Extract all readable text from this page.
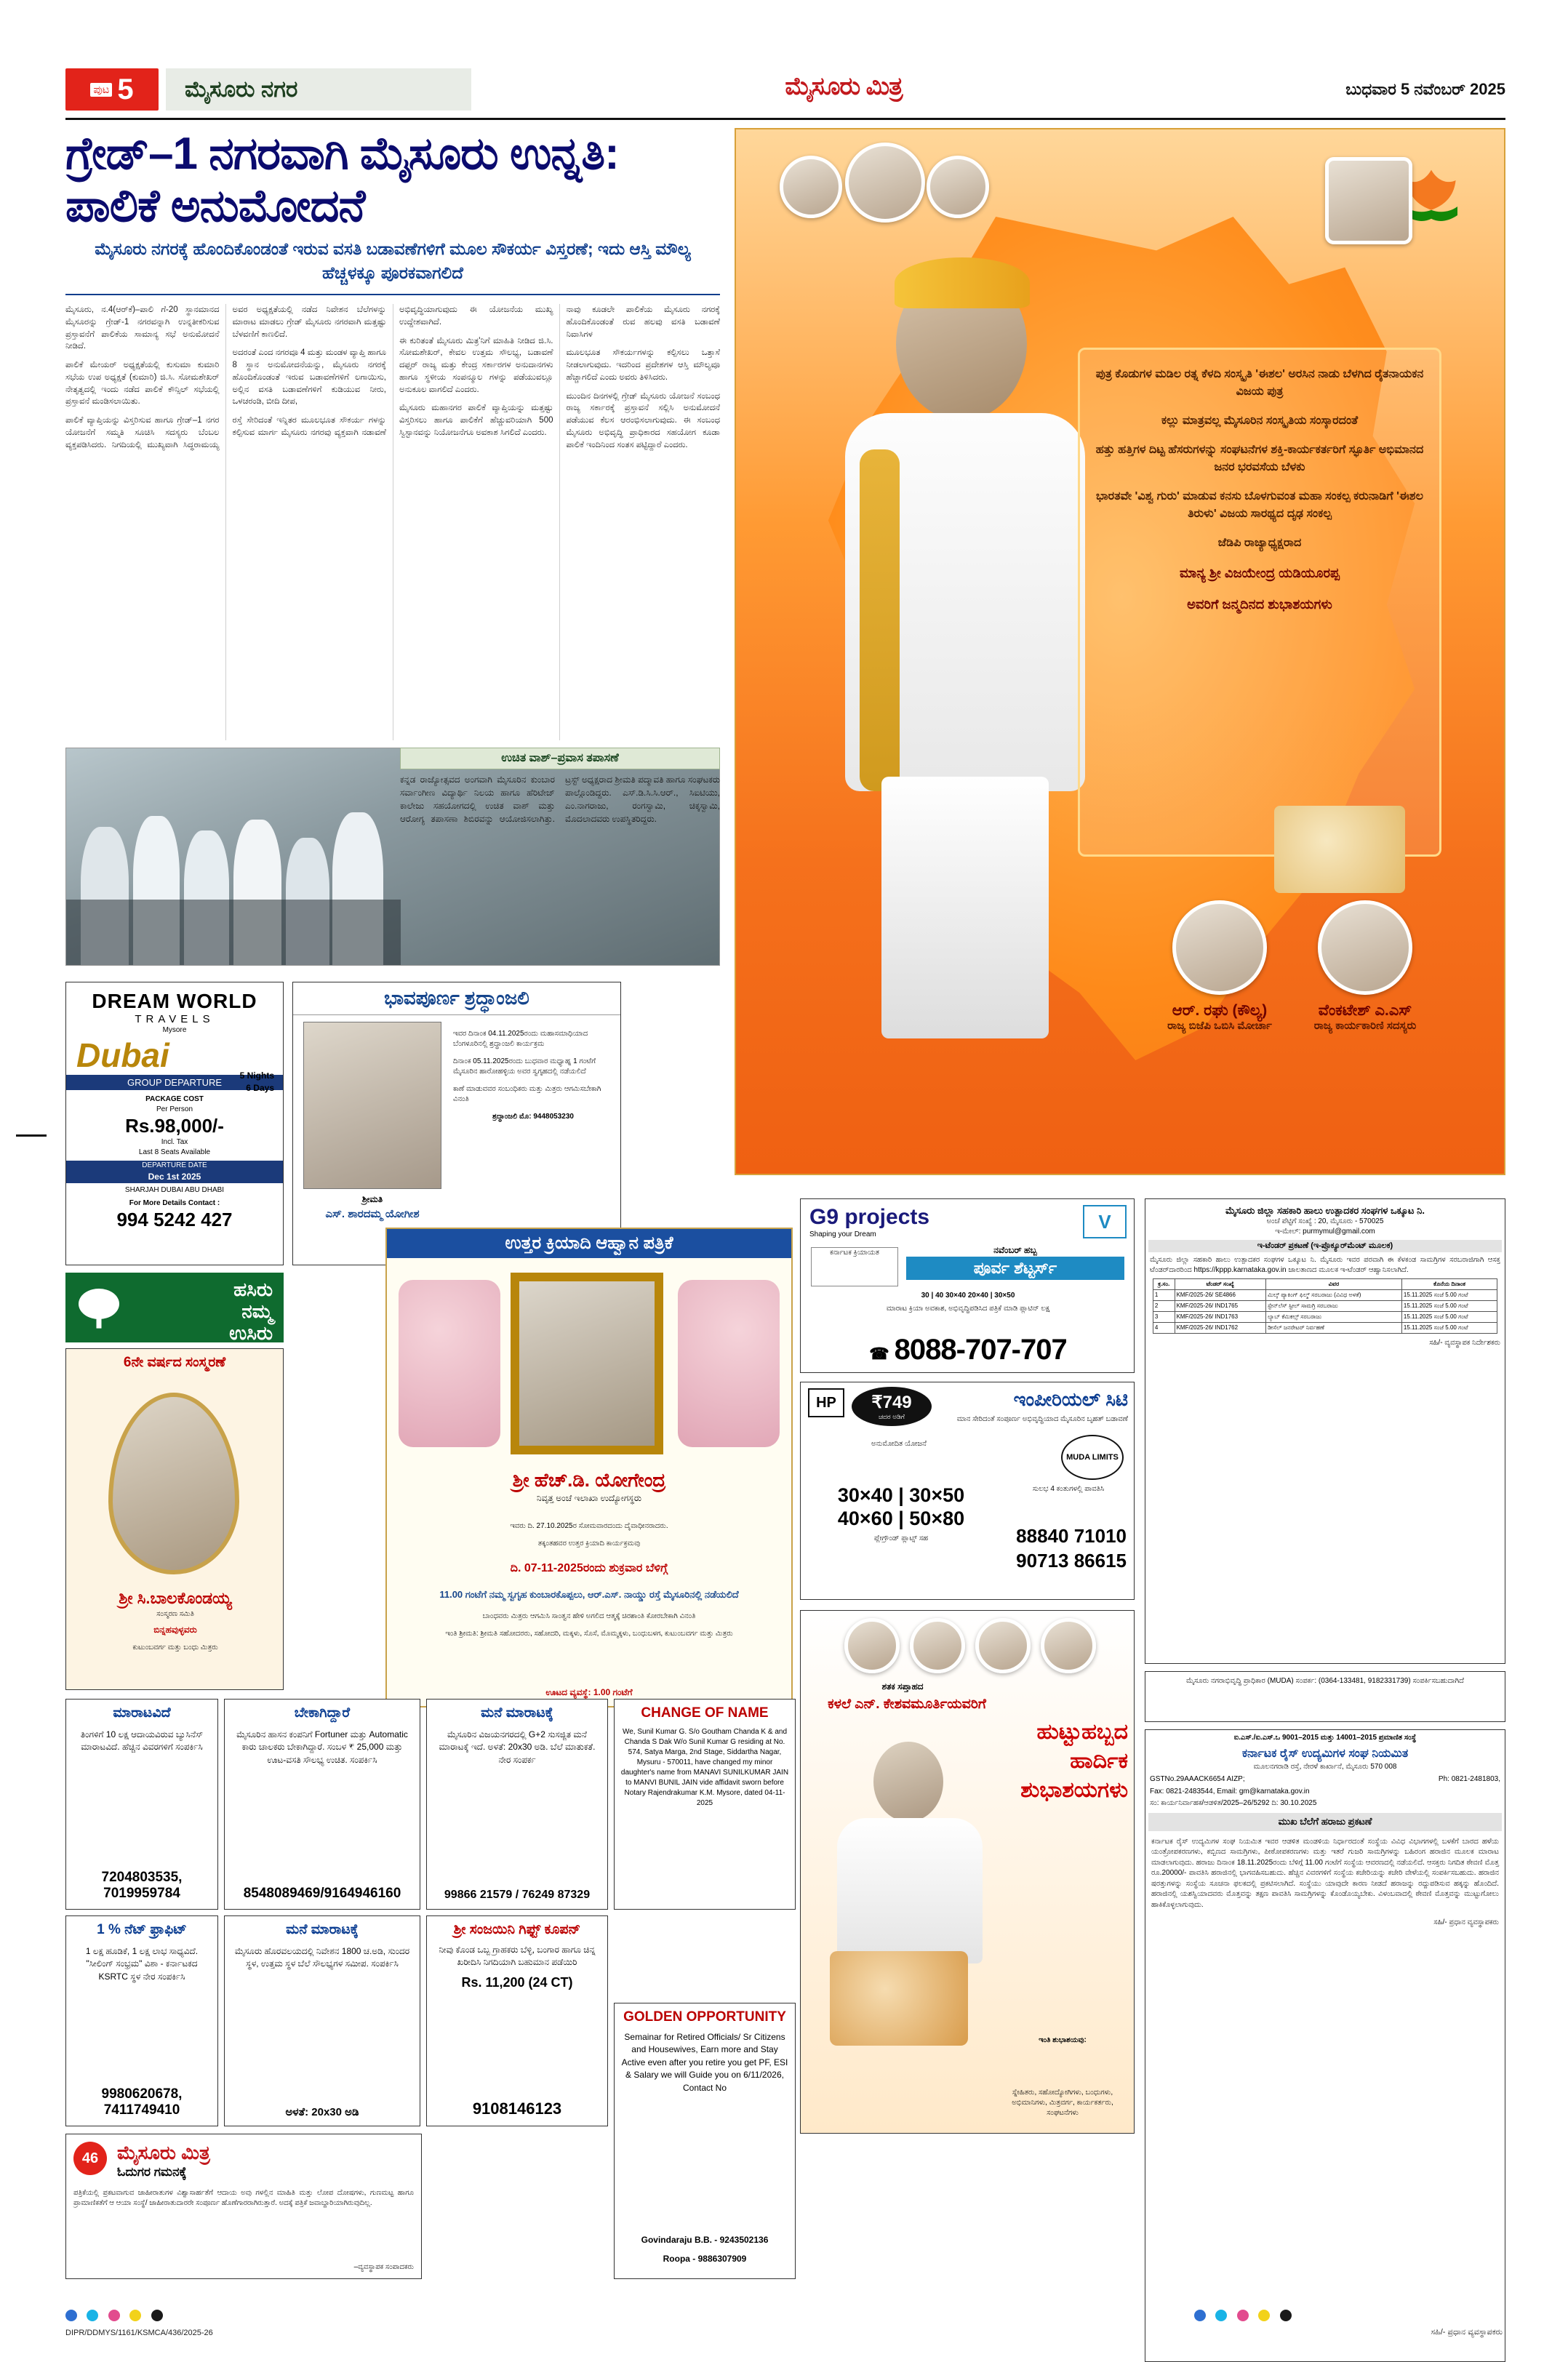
ಪುಟ 5	ಮೈಸೂರು ನಗರ	ಮೈಸೂರು ಮಿತ್ರ	ಬುಧವಾರ 5 ನವೆಂಬರ್ 2025
ಗ್ರೇಡ್–1 ನಗರವಾಗಿ ಮೈಸೂರು ಉನ್ನತಿ: ಪಾಲಿಕೆ ಅನುಮೋದನೆ
ಮೈಸೂರು ನಗರಕ್ಕೆ ಹೊಂದಿಕೊಂಡಂತೆ ಇರುವ ವಸತಿ ಬಡಾವಣೆಗಳಿಗೆ ಮೂಲ ಸೌಕರ್ಯ ವಿಸ್ತರಣೆ; ಇದು ಆಸ್ತಿ ಮೌಲ್ಯ ಹೆಚ್ಚಳಕ್ಕೂ ಪೂರಕವಾಗಲಿದೆ

ಮೈಸೂರು, ನ.4(ಆರ್‌ಕೆ)–ಪಾಲಿ ಗೆ-20 ಸ್ಥಾನಮಾನದ ಮೈಸೂರನ್ನು ಗ್ರೇಡ್-1 ನಗರವನ್ನಾಗಿ ಉನ್ನತೀಕರಿಸುವ ಪ್ರಸ್ತಾವನೆಗೆ ಪಾಲಿಕೆಯ ಸಾಮಾನ್ಯ ಸಭೆ ಅನುಮೋದನೆ ನೀಡಿದೆ.

ಪಾಲಿಕೆ ಮೇಯರ್ ಅಧ್ಯಕ್ಷತೆಯಲ್ಲಿ ಕುಸುಮಾ ಕುಮಾರಿ ಸಭೆಯ ಉಪ ಅಧ್ಯಕ್ಷತೆ (ಕುಮಾರಿ) ಜಿ.ಸಿ. ಸೋಮಶೇಖರ್ ನೇತೃತ್ವದಲ್ಲಿ ಇಂದು ನಡೆದ ಪಾಲಿಕೆ ಕೌನ್ಸಿಲ್ ಸಭೆಯಲ್ಲಿ ಪ್ರಸ್ತಾವನೆ ಮಂಡಿಸಲಾಯಿತು.

ಪಾಲಿಕೆ ವ್ಯಾಪ್ತಿಯನ್ನು ವಿಸ್ತರಿಸುವ ಹಾಗೂ ಗ್ರೇಡ್–1 ನಗರ ಯೋಜನೆಗೆ ಸಮ್ಮತಿ ಸೂಚಿಸಿ ಸದಸ್ಯರು ಬೆಂಬಲ ವ್ಯಕ್ತಪಡಿಸಿದರು. ನಿಗದಿಯಲ್ಲಿ ಮುಖ್ಯವಾಗಿ ಸಿದ್ಧರಾಮಯ್ಯ ಅವರ ಅಧ್ಯಕ್ಷತೆಯಲ್ಲಿ ನಡೆದ ನಿವೇಶನ ಬೆಲೆಗಳನ್ನು ಮಾರಾಟ ಮಾಡಲು ಗ್ರೇಡ್ ಮೈಸೂರು ನಗರವಾಗಿ ಮತ್ತಷ್ಟು ಬೆಳವಣಿಗೆ ಕಾಣಲಿದೆ.

ಅದರಂತೆ ಎಂದ ನಗರವೂ 4 ಮತ್ತು ಮಂಡಳ ವ್ಯಾಪ್ತಿ ಹಾಗೂ 8 ಸ್ಥಾನ ಅನುಮೋದನೆಯನ್ನು, ಮೈಸೂರು ನಗರಕ್ಕೆ ಹೊಂದಿಕೊಂಡಂತೆ ಇರುವ ಬಡಾವಣೆಗಳಿಗೆ ಲಗಾಯಿಸು, ಅಲ್ಲಿನ ವಸತಿ ಬಡಾವಣೆಗಳಿಗೆ ಕುಡಿಯುವ ನೀರು, ಒಳಚರಂಡಿ, ಬೀದಿ ದೀಪ,

ರಸ್ತೆ ಸೇರಿದಂತೆ ಇನ್ನಿತರ ಮೂಲಭೂತ ಸೌಕರ್ಯ ಗಳನ್ನು ಕಲ್ಪಿಸುವ ಮಾರ್ಗ ಮೈಸೂರು ನಗರವು ವ್ಯಕ್ತವಾಗಿ ನಡಾವಣೆ ಅಭಿವೃದ್ಧಿಯಾಗುವುದು ಈ ಯೋಜನೆಯ ಮುಖ್ಯ ಉದ್ದೇಶವಾಗಿದೆ.

ಈ ಕುರಿತಂತೆ ಮೈಸೂರು ಮಿತ್ರ'ನಿಗೆ ಮಾಹಿತಿ ನೀಡಿದ ಜಿ.ಸಿ. ಸೋಮಶೇಖರ್, ಕೇವಲ ಉತ್ತಮ ಸೌಲಭ್ಯ, ಬಡಾವಣೆ ದಫ್ತರ್ ರಾಜ್ಯ ಮತ್ತು ಕೇಂದ್ರ ಸರ್ಕಾರಗಳ ಅನುದಾನಗಳು ಹಾಗೂ ಸ್ಥಳೀಯ ಸಂಪನ್ಮೂಲ ಗಳನ್ನು ಪಡೆಯುವಲ್ಲೂ ಅನುಕೂಲ ವಾಗಲಿದೆ ಎಂದರು.

ಮೈಸೂರು ಮಹಾನಗರ ಪಾಲಿಕೆ ವ್ಯಾಪ್ತಿಯನ್ನು ಮತ್ತಷ್ಟು ವಿಸ್ತರಿಸಲು ಹಾಗೂ ಪಾಲಿಕೆಗೆ ಹೆಚ್ಚುವರಿಯಾಗಿ 500 ಸ್ವಿಸ್ಟಾನವನ್ನು ನಿಯೋಜನೆಗೂ ಅವಕಾಶ ಸಿಗಲಿದೆ ಎಂದರು.

ನಾವು ಕೂಡಲೇ ಪಾಲಿಕೆಯ ಮೈಸೂರು ನಗರಕ್ಕೆ ಹೊಂದಿಕೊಂಡಂತೆ ರುವ ಹಲವು ವಸತಿ ಬಡಾವಣೆ ನಿವಾಸಿಗಳ

ಮೂಲಭೂತ ಸೌಕರ್ಯಗಳನ್ನು ಕಲ್ಪಿಸಲು ಒತ್ತಾಸೆ ನೀಡಲಾಗುವುದು. ಇದರಿಂದ ಪ್ರದೇಶಗಳ ಆಸ್ತಿ ಮೌಲ್ಯವೂ ಹೆಚ್ಚಾಗಲಿದೆ ಎಂದು ಅವರು ತಿಳಿಸಿದರು.

ಮುಂದಿನ ದಿನಗಳಲ್ಲಿ ಗ್ರೇಡ್ ಮೈಸೂರು ಯೋಜನೆ ಸಂಬಂಧ ರಾಜ್ಯ ಸರ್ಕಾರಕ್ಕೆ ಪ್ರಸ್ತಾವನೆ ಸಲ್ಲಿಸಿ ಅನುಮೋದನೆ ಪಡೆಯುವ ಕೆಲಸ ಆರಂಭಿಸಲಾಗುವುದು. ಈ ಸಂಬಂಧ ಮೈಸೂರು ಅಭಿವೃದ್ಧಿ ಪ್ರಾಧಿಕಾರದ ಸಹಯೋಗ ಕೂಡಾ ಪಾಲಿಕೆ ಇಂದಿನಿಂದ ಸಂತಸ ಪಟ್ಟಿದ್ದಾರೆ ಎಂದರು.

ಉಚಿತ ವಾಶ್–ಪ್ರವಾಸ ತಪಾಸಣೆ
ಕನ್ನಡ ರಾಜ್ಯೋತ್ಸವದ ಅಂಗವಾಗಿ ಮೈಸೂರಿನ ಕುಂಬಾರ ಸರ್ವಾಂಗೀಣ ವಿದ್ಯಾರ್ಥಿ ನಿಲಯ ಹಾಗೂ ಹೆರಿಟೇಜ್ ಕಾಲೇಜು ಸಹಯೋಗದಲ್ಲಿ ಉಚಿತ ವಾಶ್ ಮತ್ತು ಆರೋಗ್ಯ ತಪಾಸಣಾ ಶಿಬಿರವನ್ನು ಆಯೋಜಿಸಲಾಗಿತ್ತು. ಟ್ರಸ್ಟ್ ಅಧ್ಯಕ್ಷರಾದ ಶ್ರೀಮತಿ ಪದ್ಮಾವತಿ ಹಾಗೂ ಸಂಘಟಕರು ಪಾಲ್ಗೊಂಡಿದ್ದರು. ಎಸ್.ಡಿ.ಸಿ.ಸಿ.ಆರ್., ಸಿಐಟಿಯು, ಎಂ.ನಾಗರಾಜು, ರಂಗಸ್ವಾಮಿ, ಚಿಕ್ಕಸ್ವಾಮಿ, ಮೊದಲಾದವರು ಉಪಸ್ಥಿತರಿದ್ದರು.

ಪುತ್ರ ಕೊಡುಗಳ ಮಡಿಲ ರತ್ನ ಕೆಳದಿ ಸಂಸ್ಕೃತಿ 'ಈಶಲ' ಅರಸಿನ ನಾಡು ಬೆಳಗಿದ ರೈತನಾಯಕನ ವಿಜಯ ಪುತ್ರ

ಕಲ್ಲು ಮಾತ್ರವಲ್ಲ ಮೈಸೂರಿನ ಸಂಸ್ಕೃತಿಯ ಸಂಸ್ಕಾರದಂತೆ

ಹತ್ತು ಹತ್ತಿಗಳ ದಿಟ್ಟ ಹೆಸರುಗಳನ್ನು ಸಂಘಟನೆಗಳ ಶಕ್ತಿ-ಕಾರ್ಯಕರ್ತರಿಗೆ ಸ್ಫೂರ್ತಿ ಅಭಿಮಾನದ ಜನರ ಭರವಸೆಯ ಬೆಳಕು

ಭಾರತವೇ 'ವಿಶ್ವ ಗುರು' ಮಾಡುವ ಕನಸು ಬೊಳಗುವಂತ ಮಹಾ ಸಂಕಲ್ಪ ಕರುನಾಡಿಗೆ 'ಈಶಲ ತಿರುಳು' ವಿಜಯ ಸಾರಥ್ಯದ ದೃಢ ಸಂಕಲ್ಪ

ಜೆಡಿಪಿ ರಾಜ್ಯಾಧ್ಯಕ್ಷರಾದ

ಮಾನ್ಯ ಶ್ರೀ ವಿಜಯೇಂದ್ರ ಯಡಿಯೂರಪ್ಪ

ಅವರಿಗೆ ಜನ್ಮದಿನದ ಶುಭಾಶಯಗಳು

ಆರ್. ರಘು (ಕೌಲ್ಯ)
ರಾಜ್ಯ ಬಿಜೆಪಿ ಒಬಿಸಿ ಮೋರ್ಚಾ
ವೆಂಕಟೇಶ್ ಎ.ಎಸ್
ರಾಜ್ಯ ಕಾರ್ಯಕಾರಿಣಿ ಸದಸ್ಯರು
DREAM WORLD
TRAVELS
Mysore
Dubai
5 Nights
6 Days
GROUP DEPARTURE
PACKAGE COST
Per Person
Rs.98,000/-
Incl. Tax
Last 8 Seats Available
DEPARTURE DATE
Dec 1st 2025
SHARJAH DUBAI ABU DHABI
For More Details Contact :
994 5242 427
ಭಾವಪೂರ್ಣ ಶ್ರದ್ಧಾಂಜಲಿ
ಶ್ರೀಮತಿ
ಎಸ್. ಶಾರದಮ್ಮ ಯೋಗೀಶ

ಇವರ ದಿನಾಂಕ 04.11.2025ರಂದು ಮಹಾಸಮಾಧಿಯಾದ ಬೆಂಗಳೂರಿನಲ್ಲಿ ಶ್ರದ್ಧಾಂಜಲಿ ಕಾರ್ಯಕ್ರಮ

ದಿನಾಂಕ 05.11.2025ರಂದು ಬುಧವಾರ ಮಧ್ಯಾಹ್ನ 1 ಗಂಟೆಗೆ ಮೈಸೂರಿನ ಹಾರೋಹಳ್ಳಿಯ ಅವರ ಸ್ವಗೃಹದಲ್ಲಿ ನಡೆಯಲಿದೆ

ಕಾಣೆ ಮಾಡುವವರ ಸಂಬಂಧಿಕರು ಮತ್ತು ಮಿತ್ರರು ಆಗಮಿಸಬೇಕಾಗಿ ವಿನಂತಿ

ಶ್ರದ್ಧಾಂಜಲಿ ಮೊ: 9448053230

ಹಸಿರು
ನಮ್ಮ
ಉಸಿರು
6ನೇ ವರ್ಷದ ಸಂಸ್ಮರಣೆ
ಶ್ರೀ ಸಿ.ಬಾಲಕೊಂಡಯ್ಯ
ಸಂಸ್ಮರಣ ಸಮಿತಿ
ಬಿನ್ನಹವುಳ್ಳವರು
ಕುಟುಂಬವರ್ಗ ಮತ್ತು ಬಂಧು ಮಿತ್ರರು
ಉತ್ತರ ಕ್ರಿಯಾದಿ ಆಹ್ವಾನ ಪತ್ರಿಕೆ
ಶ್ರೀ ಹೆಚ್.ಡಿ. ಯೋಗೇಂದ್ರ
ನಿವೃತ್ತ ಅಂಚೆ ಇಲಾಖಾ ಉದ್ಯೋಗಸ್ಥರು

ಇವರು ದಿ. 27.10.2025ರ ಸೋಮವಾರದಂದು ದೈವಾಧೀನರಾದರು.

ತಕ್ಕಂತಹವರ ಉತ್ತರ ಕ್ರಿಯಾದಿ ಕಾರ್ಯಕ್ರಮವು

ದಿ. 07-11-2025ರಂದು ಶುಕ್ರವಾರ ಬೆಳಿಗ್ಗೆ

11.00 ಗಂಟೆಗೆ ನಮ್ಮ ಸ್ವಗೃಹ ಕುಂಬಾರಕೊಪ್ಪಲು, ಆರ್.ಎಸ್. ನಾಯ್ಡು ರಸ್ತೆ ಮೈಸೂರಿನಲ್ಲಿ ನಡೆಯಲಿದೆ

ಬಾಂಧವರು ಮಿತ್ರರು ಆಗಮಿಸಿ ಸಾಂತ್ವನ ಹೇಳಿ ಅಗಲಿದ ಆತ್ಮಕ್ಕೆ ಚಿರಶಾಂತಿ ಕೋರಬೇಕಾಗಿ ವಿನಂತಿ

ಇಂತಿ ಶ್ರೀಮತಿ: ಶ್ರೀಮತಿ ಸಹೋದರರು, ಸಹೋದರಿ, ಮಕ್ಕಳು, ಸೊಸೆ, ಮೊಮ್ಮಕ್ಕಳು, ಬಂಧುಬಳಗ, ಕುಟುಂಬವರ್ಗ ಮತ್ತು ಮಿತ್ರರು

ಊಟದ ವ್ಯವಸ್ಥೆ: 1.00 ಗಂಟೆಗೆ
G9 projects
Shaping your Dream
V
ಕರ್ನಾಟಕ ಕ್ರಿಯಾಯತ	ನವೆಂಬರ್ ಹಬ್ಬ
ಪೂರ್ವ ಶೆಟ್ಟರ್ಸ್
30 | 40 30×40 20×40 | 30×50
ಮಾರಾಟ ಕ್ರಿಯಾ ಅವಕಾಶ, ಅಭಿವೃದ್ಧಿಪಡಿಸಿದ ಪತ್ರಿಕೆ ಮಾಡಿ ಪ್ಲಾಟಿನ್ ಲಕ್ಷ
☎ 8088-707-707
HP	₹749
ಚದರ ಅಡಿಗೆ
ಇಂಪೀರಿಯಲ್ ಸಿಟಿ
ಮಾನ ಸೇರಿದಂತೆ ಸಂಪೂರ್ಣ ಅಭಿವೃದ್ಧಿಯಾದ ಮೈಸೂರಿನ ಬೃಹತ್ ಬಡಾವಣೆ
ಅನುಮೋದಿತ ಯೋಜನೆ
MUDA LIMITS
30×40 | 30×50
40×60 | 50×80
ಪ್ಲೇಗ್ರೌಂಡ್ ಪ್ಲಾಟ್ಸ್ ಸಹ
ಸುಲಭ 4 ಕಂತುಗಳಲ್ಲಿ ಪಾವತಿಸಿ
88840 71010
90713 86615
ಮೈಸೂರು ಜಿಲ್ಲಾ ಸಹಕಾರಿ ಹಾಲು ಉತ್ಪಾದಕರ ಸಂಘಗಳ ಒಕ್ಕೂಟ ನಿ.
ಅಂಚೆ ಪೆಟ್ಟಿಗೆ ಸಂಖ್ಯೆ : 20, ಮೈಸೂರು - 570025
ಇ-ಮೇಲ್: purmymul@gmail.com
ಇ-ಟೆಂಡರ್ ಪ್ರಕಟಣೆ (ಇ-ಪ್ರೊಕ್ಯೂರ್‌ಮೆಂಟ್ ಮೂಲಕ)
ಮೈಸೂರು ಜಿಲ್ಲಾ ಸಹಕಾರಿ ಹಾಲು ಉತ್ಪಾದಕರ ಸಂಘಗಳ ಒಕ್ಕೂಟ ನಿ. ಮೈಸೂರು ಇವರ ಪರವಾಗಿ ಈ ಕೆಳಕಂಡ ಸಾಮಗ್ರಿಗಳ ಸರಬರಾಜಿಗಾಗಿ ಆಸಕ್ತ ಟೆಂಡರ್‌ದಾರರಿಂದ https://kppp.karnataka.gov.in ಜಾಲತಾಣದ ಮೂಲಕ ಇ-ಟೆಂಡರ್ ಆಹ್ವಾನಿಸಲಾಗಿದೆ.
ಕ್ರ.ಸಂ.	ಟೆಂಡರ್ ಸಂಖ್ಯೆ	ವಿವರ	ಕೊನೆಯ ದಿನಾಂಕ
1	KMF/2025-26/ SE4866	ಮಿಲ್ಕ್ ಪ್ಯಾಕಿಂಗ್ ಫಿಲ್ಮ್ ಸರಬರಾಜು (ವಿವಿಧ ಅಳತೆ)	15.11.2025 ಸಂಜೆ 5.00 ಗಂಟೆ
2	KMF/2025-26/ IND1765	ಸ್ಟೇನ್‌ಲೆಸ್ ಸ್ಟೀಲ್ ಸಾಮಗ್ರಿ ಸರಬರಾಜು	15.11.2025 ಸಂಜೆ 5.00 ಗಂಟೆ
3	KMF/2025-26/ IND1763	ಲ್ಯಾಬ್ ಕೆಮಿಕಲ್ಸ್ ಸರಬರಾಜು	15.11.2025 ಸಂಜೆ 5.00 ಗಂಟೆ
4	KMF/2025-26/ IND1762	ಡೀಸೆಲ್ ಜನರೇಟರ್ ನಿರ್ವಹಣೆ	15.11.2025 ಸಂಜೆ 5.00 ಗಂಟೆ
ಸಹಿ/- ವ್ಯವಸ್ಥಾಪಕ ನಿರ್ದೇಶಕರು
ಮೈಸೂರು ನಗರಾಭಿವೃದ್ಧಿ ಪ್ರಾಧಿಕಾರ (MUDA) ಸಂಪರ್ಕ: (0364-133481, 9182331739) ಸಂಪರ್ಕಿಸಬಹುದಾಗಿದೆ
ಮಾರಾಟವಿದೆ
ತಿಂಗಳಿಗೆ 10 ಲಕ್ಷ ಆದಾಯವಿರುವ ಬ್ಯುಸಿನೆಸ್ ಮಾರಾಟವಿದೆ. ಹೆಚ್ಚಿನ ವಿವರಗಳಿಗೆ ಸಂಪರ್ಕಿಸಿ
7204803535, 7019959784
ಬೇಕಾಗಿದ್ದಾರೆ
ಮೈಸೂರಿನ ಹಾಸನ ಕಂಪನಿಗೆ Fortuner ಮತ್ತು Automatic ಕಾರು ಚಾಲಕರು ಬೇಕಾಗಿದ್ದಾರೆ. ಸಂಬಳ ₹ 25,000 ಮತ್ತು ಊಟ-ವಸತಿ ಸೌಲಭ್ಯ ಉಚಿತ. ಸಂಪರ್ಕಿಸಿ
8548089469/9164946160
ಮನೆ ಮಾರಾಟಕ್ಕೆ
ಮೈಸೂರಿನ ವಿಜಯನಗರದಲ್ಲಿ G+2 ಸುಸಜ್ಜಿತ ಮನೆ ಮಾರಾಟಕ್ಕೆ ಇದೆ. ಅಳತೆ: 20x30 ಅಡಿ. ಬೆಲೆ ಮಾತುಕತೆ. ನೇರ ಸಂಪರ್ಕ
99866 21579 / 76249 87329
CHANGE OF NAME
We, Sunil Kumar G. S/o Goutham Chanda K & and Chanda S Dak W/o Sunil Kumar G residing at No. 574, Satya Marga, 2nd Stage, Siddartha Nagar, Mysuru - 570011, have changed my minor daughter's name from MANAVI SUNILKUMAR JAIN to MANVI BUNIL JAIN vide affidavit sworn before Notary Rajendrakumar K.M. Mysore, dated 04-11-2025
1 % ನೆಟ್ ಫ್ರಾಫಿಟ್
1 ಲಕ್ಷ ಹೂಡಿಕೆ, 1 ಲಕ್ಷ ಲಾಭ ಸಾಧ್ಯವಿದೆ. "ಸೀಲಿಂಗ್ ಸಂಭ್ರಮ" ವಿಶಾ - ಕರ್ನಾಟಕದ KSRTC ಸ್ಥಳ ನೇರ ಸಂಪರ್ಕಿಸಿ
9980620678, 7411749410
ಮನೆ ಮಾರಾಟಕ್ಕೆ
ಮೈಸೂರು ಹೊರವಲಯದಲ್ಲಿ ನಿವೇಶನ 1800 ಚ.ಅಡಿ, ಸುಂದರ ಸ್ಥಳ, ಉತ್ತಮ ಸ್ಥಳ ಬೆಲೆ ಸೌಲಭ್ಯಗಳ ಸಮೀಪ. ಸಂಪರ್ಕಿಸಿ
ಅಳತೆ: 20x30 ಅಡಿ
ಶ್ರೀ ಸಂಜಯಿನಿ ಗಿಫ್ಟ್ ಕೂಪನ್
ನೀವು ಕೊಂಡ ಒಬ್ಬ ಗ್ರಾಹಕರು ಬೆಳ್ಳಿ, ಬಂಗಾರ ಹಾಗೂ ಚಿನ್ನ ಖರೀದಿಸಿ ನಿಗದಿಯಾಗಿ ಬಹುಮಾನ ಪಡೆಯಿರಿ
Rs. 11,200 (24 CT)
9108146123
GOLDEN OPPORTUNITY
Semainar for Retired Officials/ Sr Citizens and Housewives, Earn more and Stay Active even after you retire you get PF, ESI & Salary we will Guide you on 6/11/2026, Contact No
Govindaraju B.B. - 9243502136
Roopa - 9886307909
ಶತಕ ಸಪ್ತಾಹದ
ಕಳಲೆ ಎನ್. ಕೇಶವಮೂರ್ತಿಯವರಿಗೆ
ಹುಟ್ಟುಹಬ್ಬದ
ಹಾರ್ದಿಕ
ಶುಭಾಶಯಗಳು
ಇಂತಿ ಶುಭಾಶಯವು:
ಸ್ನೇಹಿತರು, ಸಹೋದ್ಯೋಗಿಗಳು, ಬಂಧುಗಳು, ಅಭಿಮಾನಿಗಳು, ಮಿತ್ರವರ್ಗ, ಕಾರ್ಯಕರ್ತರು, ಸಂಘಟನೆಗಳು
ಐ.ಎಸ್./ಐ.ಎಸ್.ಒ 9001–2015 ಮತ್ತು 14001–2015 ಪ್ರಮಾಣಿತ ಸಂಸ್ಥೆ
ಕರ್ನಾಟಕ ರೈಸ್ ಉದ್ಯಮಿಗಳ ಸಂಘ ನಿಯಮಿತ
ಮೂಲನಗರಾಡಿ ರಸ್ತೆ, ನೇರಳೆ ಕಾರ್ಖಾನೆ, ಮೈಸೂರು 570 008
GSTNo.29AAACK6654 AIZP;	Ph: 0821-2481803,
Fax: 0821-2483544, Email: gm@karnataka.gov.in
ಸಂ: ಕಾರ್ಯನಿರ್ವಾಹಕ/ಆಡಳಿತ/2025–26/5292 ದಿ: 30.10.2025
ಮುಖ ಬೆಲೆಗೆ ಹರಾಜು ಪ್ರಕಟಣೆ
ಕರ್ನಾಟಕ ರೈಸ್ ಉದ್ಯಮಿಗಳ ಸಂಘ ನಿಯಮಿತ ಇವರ ಆಡಳಿತ ಮಂಡಳಿಯ ನಿರ್ಧಾರದಂತೆ ಸಂಸ್ಥೆಯ ವಿವಿಧ ವಿಭಾಗಗಳಲ್ಲಿ ಬಳಕೆಗೆ ಬಾರದ ಹಳೆಯ ಯಂತ್ರೋಪಕರಣಗಳು, ಕಬ್ಬಿಣದ ಸಾಮಗ್ರಿಗಳು, ಪೀಠೋಪಕರಣಗಳು ಮತ್ತು ಇತರೆ ಗುಜರಿ ಸಾಮಗ್ರಿಗಳನ್ನು ಬಹಿರಂಗ ಹರಾಜಿನ ಮೂಲಕ ಮಾರಾಟ ಮಾಡಲಾಗುವುದು. ಹರಾಜು ದಿನಾಂಕ 18.11.2025ರಂದು ಬೆಳಿಗ್ಗೆ 11.00 ಗಂಟೆಗೆ ಸಂಸ್ಥೆಯ ಆವರಣದಲ್ಲಿ ನಡೆಯಲಿದೆ. ಆಸಕ್ತರು ನಿಗದಿತ ಠೇವಣಿ ಮೊತ್ತ ರೂ.20000/- ಪಾವತಿಸಿ ಹರಾಜಿನಲ್ಲಿ ಭಾಗವಹಿಸಬಹುದು. ಹೆಚ್ಚಿನ ವಿವರಗಳಿಗೆ ಸಂಸ್ಥೆಯ ಕಚೇರಿಯನ್ನು ಕಚೇರಿ ವೇಳೆಯಲ್ಲಿ ಸಂಪರ್ಕಿಸಬಹುದು. ಹರಾಜಿನ ಷರತ್ತುಗಳನ್ನು ಸಂಸ್ಥೆಯ ಸೂಚನಾ ಫಲಕದಲ್ಲಿ ಪ್ರಕಟಿಸಲಾಗಿದೆ. ಸಂಸ್ಥೆಯು ಯಾವುದೇ ಕಾರಣ ನೀಡದೆ ಹರಾಜನ್ನು ರದ್ದುಪಡಿಸುವ ಹಕ್ಕನ್ನು ಹೊಂದಿದೆ. ಹರಾಜಿನಲ್ಲಿ ಯಶಸ್ವಿಯಾದವರು ಮೊತ್ತವನ್ನು ತಕ್ಷಣ ಪಾವತಿಸಿ ಸಾಮಗ್ರಿಗಳನ್ನು ಕೊಂಡೊಯ್ಯಬೇಕು. ವಿಳಂಬವಾದಲ್ಲಿ ಠೇವಣಿ ಮೊತ್ತವನ್ನು ಮುಟ್ಟುಗೋಲು ಹಾಕಿಕೊಳ್ಳಲಾಗುವುದು.
ಸಹಿ/- ಪ್ರಧಾನ ವ್ಯವಸ್ಥಾಪಕರು
46 ಮೈಸೂರು ಮಿತ್ರ
ಓದುಗರ ಗಮನಕ್ಕೆ
ಪತ್ರಿಕೆಯಲ್ಲಿ ಪ್ರಕಟವಾಗುವ ಜಾಹೀರಾತುಗಳ ವಿಶ್ವಾಸಾರ್ಹತೆಗೆ ಆದಾಯ ಅವು ಗಳಲ್ಲಿನ ಮಾಹಿತಿ ಮತ್ತು ಲೋಪ ದೋಷಗಳು, ಗುಣಮಟ್ಟ ಹಾಗೂ ಪ್ರಾಮಾಣಿಕತೆಗೆ ಆ ಆಯಾ ಸಂಸ್ಥೆ/ ಜಾಹೀರಾತುದಾರರೇ ಸಂಪೂರ್ಣ ಹೊಣೆಗಾರರಾಗಿರುತ್ತಾರೆ. ಅದಕ್ಕೆ ಪತ್ರಿಕೆ ಜವಾಬ್ದಾರಿಯಾಗಿರುವುದಿಲ್ಲ.
–ವ್ಯವಸ್ಥಾಪಕ ಸಂಪಾದಕರು

DIPR/DDMYS/1161/KSMCA/436/2025-26	ಸಹಿ/- ಪ್ರಧಾನ ವ್ಯವಸ್ಥಾಪಕರು
